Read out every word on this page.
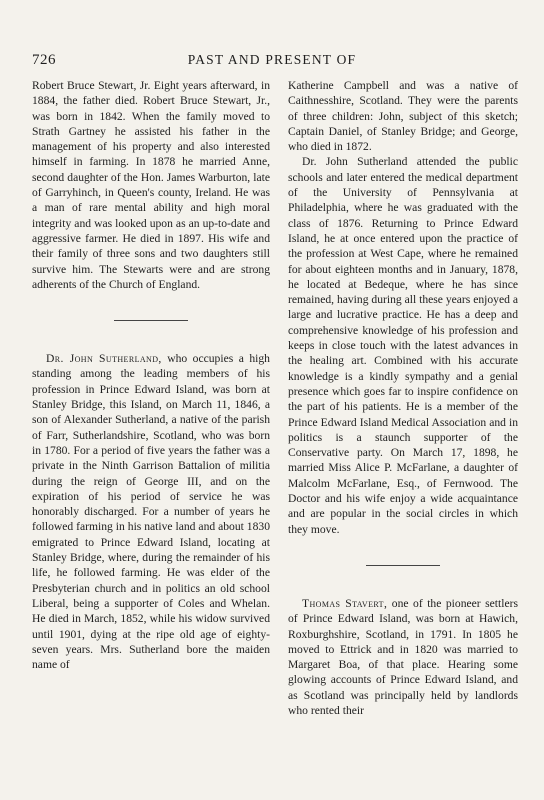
726	PAST AND PRESENT OF

Robert Bruce Stewart, Jr. Eight years afterward, in 1884, the father died. Robert Bruce Stewart, Jr., was born in 1842. When the family moved to Strath Gartney he assisted his father in the management of his property and also interested himself in farming. In 1878 he married Anne, second daughter of the Hon. James Warburton, late of Garryhinch, in Queen's county, Ireland. He was a man of rare mental ability and high moral integrity and was looked upon as an up-to-date and aggressive farmer. He died in 1897. His wife and their family of three sons and two daughters still survive him. The Stewarts were and are strong adherents of the Church of England.

Dr. John Sutherland, who occupies a high standing among the leading members of his profession in Prince Edward Island, was born at Stanley Bridge, this Island, on March 11, 1846, a son of Alexander Sutherland, a native of the parish of Farr, Sutherlandshire, Scotland, who was born in 1780. For a period of five years the father was a private in the Ninth Garrison Battalion of militia during the reign of George III, and on the expiration of his period of service he was honorably discharged. For a number of years he followed farming in his native land and about 1830 emigrated to Prince Edward Island, locating at Stanley Bridge, where, during the remainder of his life, he followed farming. He was elder of the Presbyterian church and in politics an old school Liberal, being a supporter of Coles and Whelan. He died in March, 1852, while his widow survived until 1901, dying at the ripe old age of eighty-seven years. Mrs. Sutherland bore the maiden name of

Katherine Campbell and was a native of Caithnesshire, Scotland. They were the parents of three children: John, subject of this sketch; Captain Daniel, of Stanley Bridge; and George, who died in 1872.

Dr. John Sutherland attended the public schools and later entered the medical department of the University of Pennsylvania at Philadelphia, where he was graduated with the class of 1876. Returning to Prince Edward Island, he at once entered upon the practice of the profession at West Cape, where he remained for about eighteen months and in January, 1878, he located at Bedeque, where he has since remained, having during all these years enjoyed a large and lucrative practice. He has a deep and comprehensive knowledge of his profession and keeps in close touch with the latest advances in the healing art. Combined with his accurate knowledge is a kindly sympathy and a genial presence which goes far to inspire confidence on the part of his patients. He is a member of the Prince Edward Island Medical Association and in politics is a staunch supporter of the Conservative party. On March 17, 1898, he married Miss Alice P. McFarlane, a daughter of Malcolm McFarlane, Esq., of Fernwood. The Doctor and his wife enjoy a wide acquaintance and are popular in the social circles in which they move.

Thomas Stavert, one of the pioneer settlers of Prince Edward Island, was born at Hawich, Roxburghshire, Scotland, in 1791. In 1805 he moved to Ettrick and in 1820 was married to Margaret Boa, of that place. Hearing some glowing accounts of Prince Edward Island, and as Scotland was principally held by landlords who rented their
